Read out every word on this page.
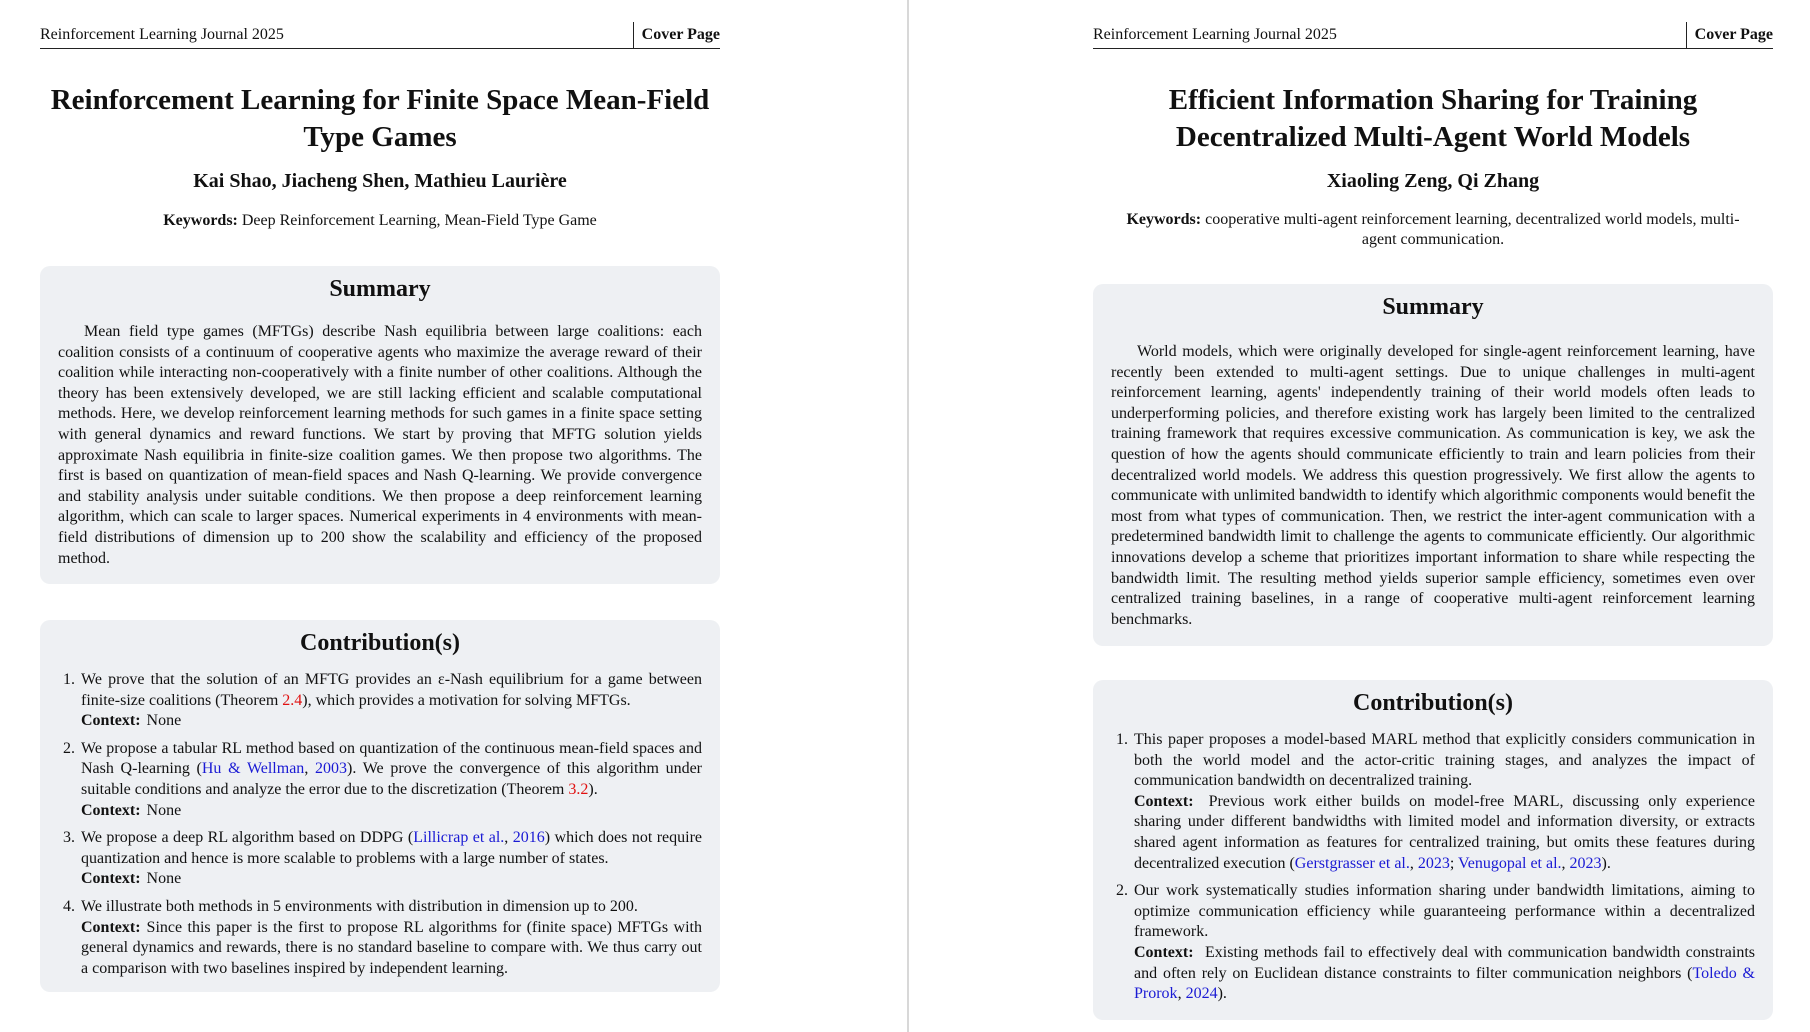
Reinforcement Learning Journal 2025	Cover Page
Reinforcement Learning for Finite Space Mean-Field
Type Games
Kai Shao, Jiacheng Shen, Mathieu Laurière
Keywords: Deep Reinforcement Learning, Mean-Field Type Game
Summary

Mean field type games (MFTGs) describe Nash equilibria between large coalitions: each coalition consists of a continuum of cooperative agents who maximize the average reward of their coalition while interacting non-cooperatively with a finite number of other coalitions. Although the theory has been extensively developed, we are still lacking efficient and scalable computational methods. Here, we develop reinforcement learning methods for such games in a finite space setting with general dynamics and reward functions. We start by proving that MFTG solution yields approximate Nash equilibria in finite-size coalition games. We then propose two algorithms. The first is based on quantization of mean-field spaces and Nash Q-learning. We provide convergence and stability analysis under suitable conditions. We then propose a deep reinforcement learning algorithm, which can scale to larger spaces. Numerical experiments in 4 environments with mean-field distributions of dimension up to 200 show the scalability and efficiency of the proposed method.

Contribution(s)
1. We prove that the solution of an MFTG provides an ε-Nash equilibrium for a game between finite-size coalitions (Theorem 2.4), which provides a motivation for solving MFTGs.
Context: None
2. We propose a tabular RL method based on quantization of the continuous mean-field spaces and Nash Q-learning (Hu & Wellman, 2003). We prove the convergence of this algorithm under suitable conditions and analyze the error due to the discretization (Theorem 3.2).
Context: None
3. We propose a deep RL algorithm based on DDPG (Lillicrap et al., 2016) which does not require quantization and hence is more scalable to problems with a large number of states.
Context: None
4. We illustrate both methods in 5 environments with distribution in dimension up to 200.
Context: Since this paper is the first to propose RL algorithms for (finite space) MFTGs with general dynamics and rewards, there is no standard baseline to compare with. We thus carry out a comparison with two baselines inspired by independent learning.
Reinforcement Learning Journal 2025	Cover Page
Efficient Information Sharing for Training
Decentralized Multi-Agent World Models
Xiaoling Zeng, Qi Zhang
Keywords: cooperative multi-agent reinforcement learning, decentralized world models, multi-agent communication.
Summary

World models, which were originally developed for single-agent reinforcement learning, have recently been extended to multi-agent settings. Due to unique challenges in multi-agent reinforcement learning, agents' independently training of their world models often leads to underperforming policies, and therefore existing work has largely been limited to the centralized training framework that requires excessive communication. As communication is key, we ask the question of how the agents should communicate efficiently to train and learn policies from their decentralized world models. We address this question progressively. We first allow the agents to communicate with unlimited bandwidth to identify which algorithmic components would benefit the most from what types of communication. Then, we restrict the inter-agent communication with a predetermined bandwidth limit to challenge the agents to communicate efficiently. Our algorithmic innovations develop a scheme that prioritizes important information to share while respecting the bandwidth limit. The resulting method yields superior sample efficiency, sometimes even over centralized training baselines, in a range of cooperative multi-agent reinforcement learning benchmarks.

Contribution(s)
1. This paper proposes a model-based MARL method that explicitly considers communication in both the world model and the actor-critic training stages, and analyzes the impact of communication bandwidth on decentralized training.
Context: Previous work either builds on model-free MARL, discussing only experience sharing under different bandwidths with limited model and information diversity, or extracts shared agent information as features for centralized training, but omits these features during decentralized execution (Gerstgrasser et al., 2023; Venugopal et al., 2023).
2. Our work systematically studies information sharing under bandwidth limitations, aiming to optimize communication efficiency while guaranteeing performance within a decentralized framework.
Context: Existing methods fail to effectively deal with communication bandwidth constraints and often rely on Euclidean distance constraints to filter communication neighbors (Toledo & Prorok, 2024).
